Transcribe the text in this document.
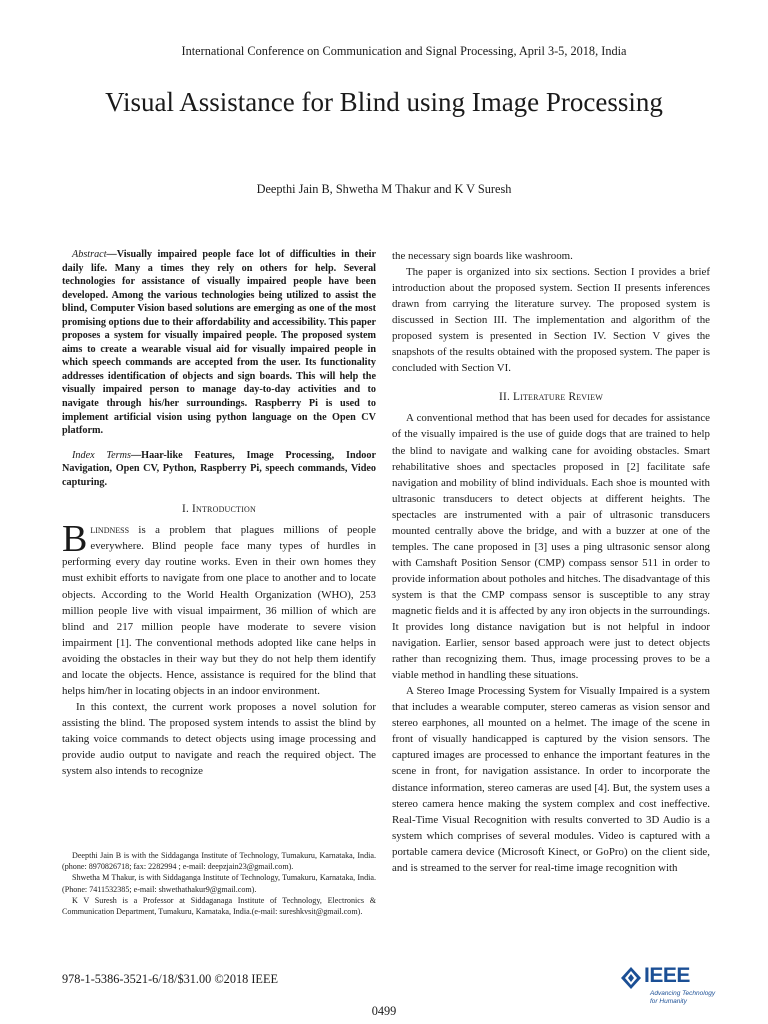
International Conference on Communication and Signal Processing, April 3-5, 2018, India
Visual Assistance for Blind using Image Processing
Deepthi Jain B, Shwetha M Thakur and K V Suresh

Abstract—Visually impaired people face lot of difficulties in their daily life. Many a times they rely on others for help. Several technologies for assistance of visually impaired people have been developed. Among the various technologies being utilized to assist the blind, Computer Vision based solutions are emerging as one of the most promising options due to their affordability and accessibility. This paper proposes a system for visually impaired people. The proposed system aims to create a wearable visual aid for visually impaired people in which speech commands are accepted from the user. Its functionality addresses identification of objects and sign boards. This will help the visually impaired person to manage day-to-day activities and to navigate through his/her surroundings. Raspberry Pi is used to implement artificial vision using python language on the Open CV platform.

Index Terms—Haar-like Features, Image Processing, Indoor Navigation, Open CV, Python, Raspberry Pi, speech commands, Video capturing.

I. Introduction

Blindness is a problem that plagues millions of people everywhere. Blind people face many types of hurdles in performing every day routine works. Even in their own homes they must exhibit efforts to navigate from one place to another and to locate objects. According to the World Health Organization (WHO), 253 million people live with visual impairment, 36 million of which are blind and 217 million people have moderate to severe vision impairment [1]. The conventional methods adopted like cane helps in avoiding the obstacles in their way but they do not help them identify and locate the objects. Hence, assistance is required for the blind that helps him/her in locating objects in an indoor environment.

In this context, the current work proposes a novel solution for assisting the blind. The proposed system intends to assist the blind by taking voice commands to detect objects using image processing and provide audio output to navigate and reach the required object. The system also intends to recognize

Deepthi Jain B is with the Siddaganga Institute of Technology, Tumakuru, Karnataka, India. (phone: 8970826718; fax: 2282994 ; e-mail: deepzjain23@gmail.com).

Shwetha M Thakur, is with Siddaganga Institute of Technology, Tumakuru, Karnataka, India. (Phone: 7411532385; e-mail: shwethathakur9@gmail.com).

K V Suresh is a Professor at Siddaganaga Institute of Technology, Electronics & Communication Department, Tumakuru, Karnataka, India.(e-mail: sureshkvsit@gmail.com).

the necessary sign boards like washroom.

The paper is organized into six sections. Section I provides a brief introduction about the proposed system. Section II presents inferences drawn from carrying the literature survey. The proposed system is discussed in Section III. The implementation and algorithm of the proposed system is presented in Section IV. Section V gives the snapshots of the results obtained with the proposed system. The paper is concluded with Section VI.

II. Literature Review

A conventional method that has been used for decades for assistance of the visually impaired is the use of guide dogs that are trained to help the blind to navigate and walking cane for avoiding obstacles. Smart rehabilitative shoes and spectacles proposed in [2] facilitate safe navigation and mobility of blind individuals. Each shoe is mounted with ultrasonic transducers to detect objects at different heights. The spectacles are instrumented with a pair of ultrasonic transducers mounted centrally above the bridge, and with a buzzer at one of the temples. The cane proposed in [3] uses a ping ultrasonic sensor along with Camshaft Position Sensor (CMP) compass sensor 511 in order to provide information about potholes and hitches. The disadvantage of this system is that the CMP compass sensor is susceptible to any stray magnetic fields and it is affected by any iron objects in the surroundings. It provides long distance navigation but is not helpful in indoor navigation. Earlier, sensor based approach were just to detect objects rather than recognizing them. Thus, image processing proves to be a viable method in handling these situations.

A Stereo Image Processing System for Visually Impaired is a system that includes a wearable computer, stereo cameras as vision sensor and stereo earphones, all mounted on a helmet. The image of the scene in front of visually handicapped is captured by the vision sensors. The captured images are processed to enhance the important features in the scene in front, for navigation assistance. In order to incorporate the distance information, stereo cameras are used [4]. But, the system uses a stereo camera hence making the system complex and cost ineffective. Real-Time Visual Recognition with results converted to 3D Audio is a system which comprises of several modules. Video is captured with a portable camera device (Microsoft Kinect, or GoPro) on the client side, and is streamed to the server for real-time image recognition with

978-1-5386-3521-6/18/$31.00 ©2018 IEEE	IEEE
Advancing Technology for Humanity
0499
